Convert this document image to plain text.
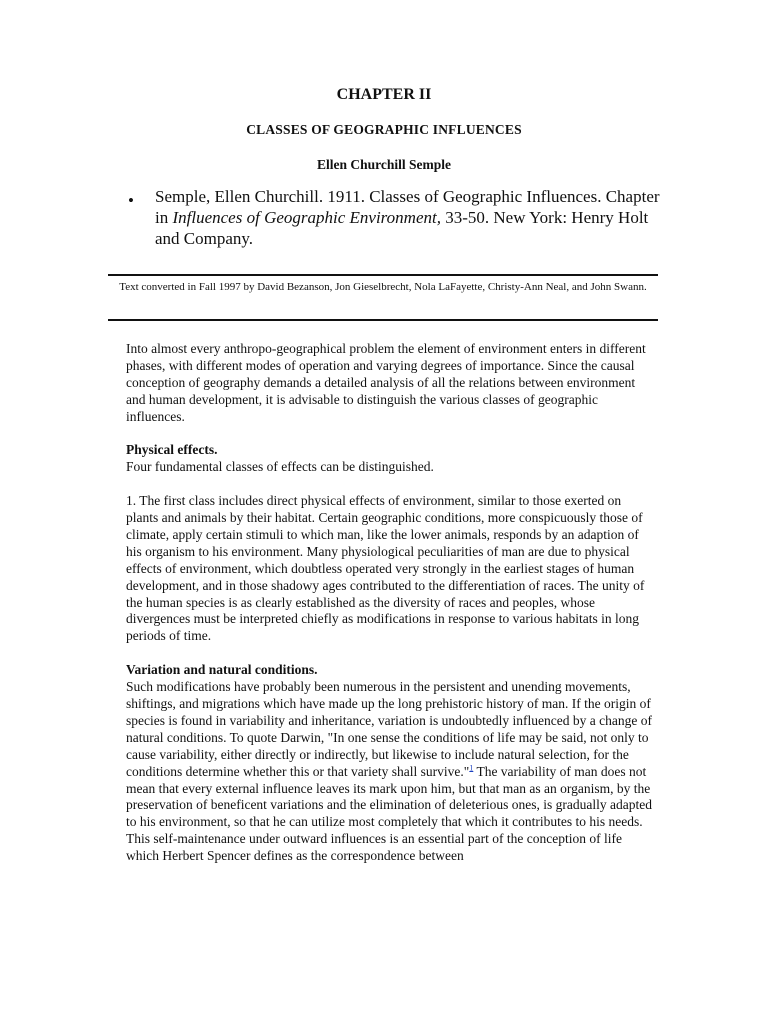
CHAPTER II
CLASSES OF GEOGRAPHIC INFLUENCES
Ellen Churchill Semple
• Semple, Ellen Churchill. 1911. Classes of Geographic Influences. Chapter in Influences of Geographic Environment, 33-50. New York: Henry Holt and Company.
Text converted in Fall 1997 by David Bezanson, Jon Gieselbrecht, Nola LaFayette, Christy-Ann Neal, and John Swann.

Into almost every anthropo-geographical problem the element of environment enters in different phases, with different modes of operation and varying degrees of importance. Since the causal conception of geography demands a detailed analysis of all the relations between environment and human development, it is advisable to distinguish the various classes of geographic influences.

Physical effects.

Four fundamental classes of effects can be distinguished.

1. The first class includes direct physical effects of environment, similar to those exerted on plants and animals by their habitat. Certain geographic conditions, more conspicuously those of climate, apply certain stimuli to which man, like the lower animals, responds by an adaption of his organism to his environment. Many physiological peculiarities of man are due to physical effects of environment, which doubtless operated very strongly in the earliest stages of human development, and in those shadowy ages contributed to the differentiation of races. The unity of the human species is as clearly established as the diversity of races and peoples, whose divergences must be interpreted chiefly as modifications in response to various habitats in long periods of time.

Variation and natural conditions.

Such modifications have probably been numerous in the persistent and unending movements, shiftings, and migrations which have made up the long prehistoric history of man. If the origin of species is found in variability and inheritance, variation is undoubtedly influenced by a change of natural conditions. To quote Darwin, "In one sense the conditions of life may be said, not only to cause variability, either directly or indirectly, but likewise to include natural selection, for the conditions determine whether this or that variety shall survive."$^1$ The variability of man does not mean that every external influence leaves its mark upon him, but that man as an organism, by the preservation of beneficent variations and the elimination of deleterious ones, is gradually adapted to his environment, so that he can utilize most completely that which it contributes to his needs. This self-maintenance under outward influences is an essential part of the conception of life which Herbert Spencer defines as the correspondence between
